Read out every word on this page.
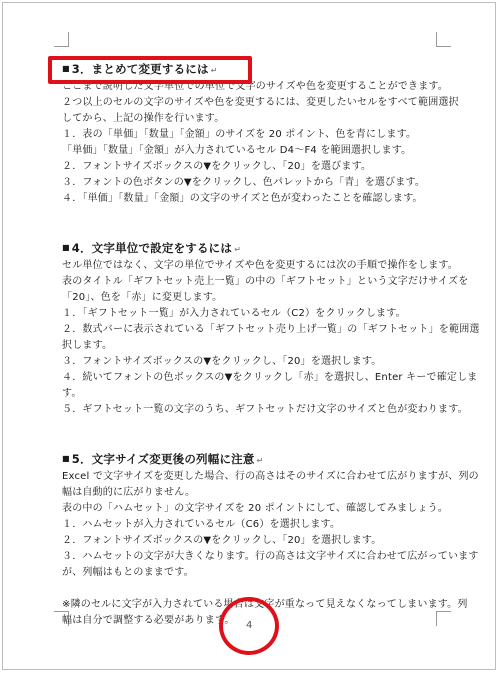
■ 3．まとめて変更するには ↵
ここまで説明した文字単位での単位で文字のサイズや色を変更することができます。
２つ以上のセルの文字のサイズや色を変更するには、変更したいセルをすべて範囲選択
してから、上記の操作を行います。
１．表の「単価」「数量」「金額」のサイズを 20 ポイント、色を青にします。
「単価」「数量」「金額」が入力されているセル D4～F4 を範囲選択します。
２．フォントサイズボックスの▼をクリックし、「20」を選びます。
３．フォントの色ボタンの▼をクリックし、色パレットから「青」を選びます。
４．「単価」「数量」「金額」の文字のサイズと色が変わったことを確認します。
■ 4．文字単位で設定をするには ↵
セル単位ではなく、文字の単位でサイズや色を変更するには次の手順で操作をします。
表のタイトル「ギフトセット売上一覧」の中の「ギフトセット」という文字だけサイズを
「20」、色を「赤」に変更します。
１．「ギフトセット一覧」が入力されているセル（C2）をクリックします。
２．数式バーに表示されている「ギフトセット売り上げ一覧」の「ギフトセット」を範囲選
択します。
３．フォントサイズボックスの▼をクリックし、「20」を選択します。
４．続いてフォントの色ボックスの▼をクリックし「赤」を選択し、Enter キーで確定しま
す。
５．ギフトセット一覧の文字のうち、ギフトセットだけ文字のサイズと色が変わります。
■ 5．文字サイズ変更後の列幅に注意 ↵
Excel で文字サイズを変更した場合、行の高さはそのサイズに合わせて広がりますが、列の
幅は自動的に広がりません。
表の中の「ハムセット」の文字サイズを 20 ポイントにして、確認してみましょう。
１．ハムセットが入力されているセル（C6）を選択します。
２．フォントサイズボックスの▼をクリックし、「20」を選択します。
３．ハムセットの文字が大きくなります。行の高さは文字サイズに合わせて広がっています
が、列幅はもとのままです。
※隣のセルに文字が入力されている場合は文字が重なって見えなくなってしまいます。列
幅は自分で調整する必要があります。	4
